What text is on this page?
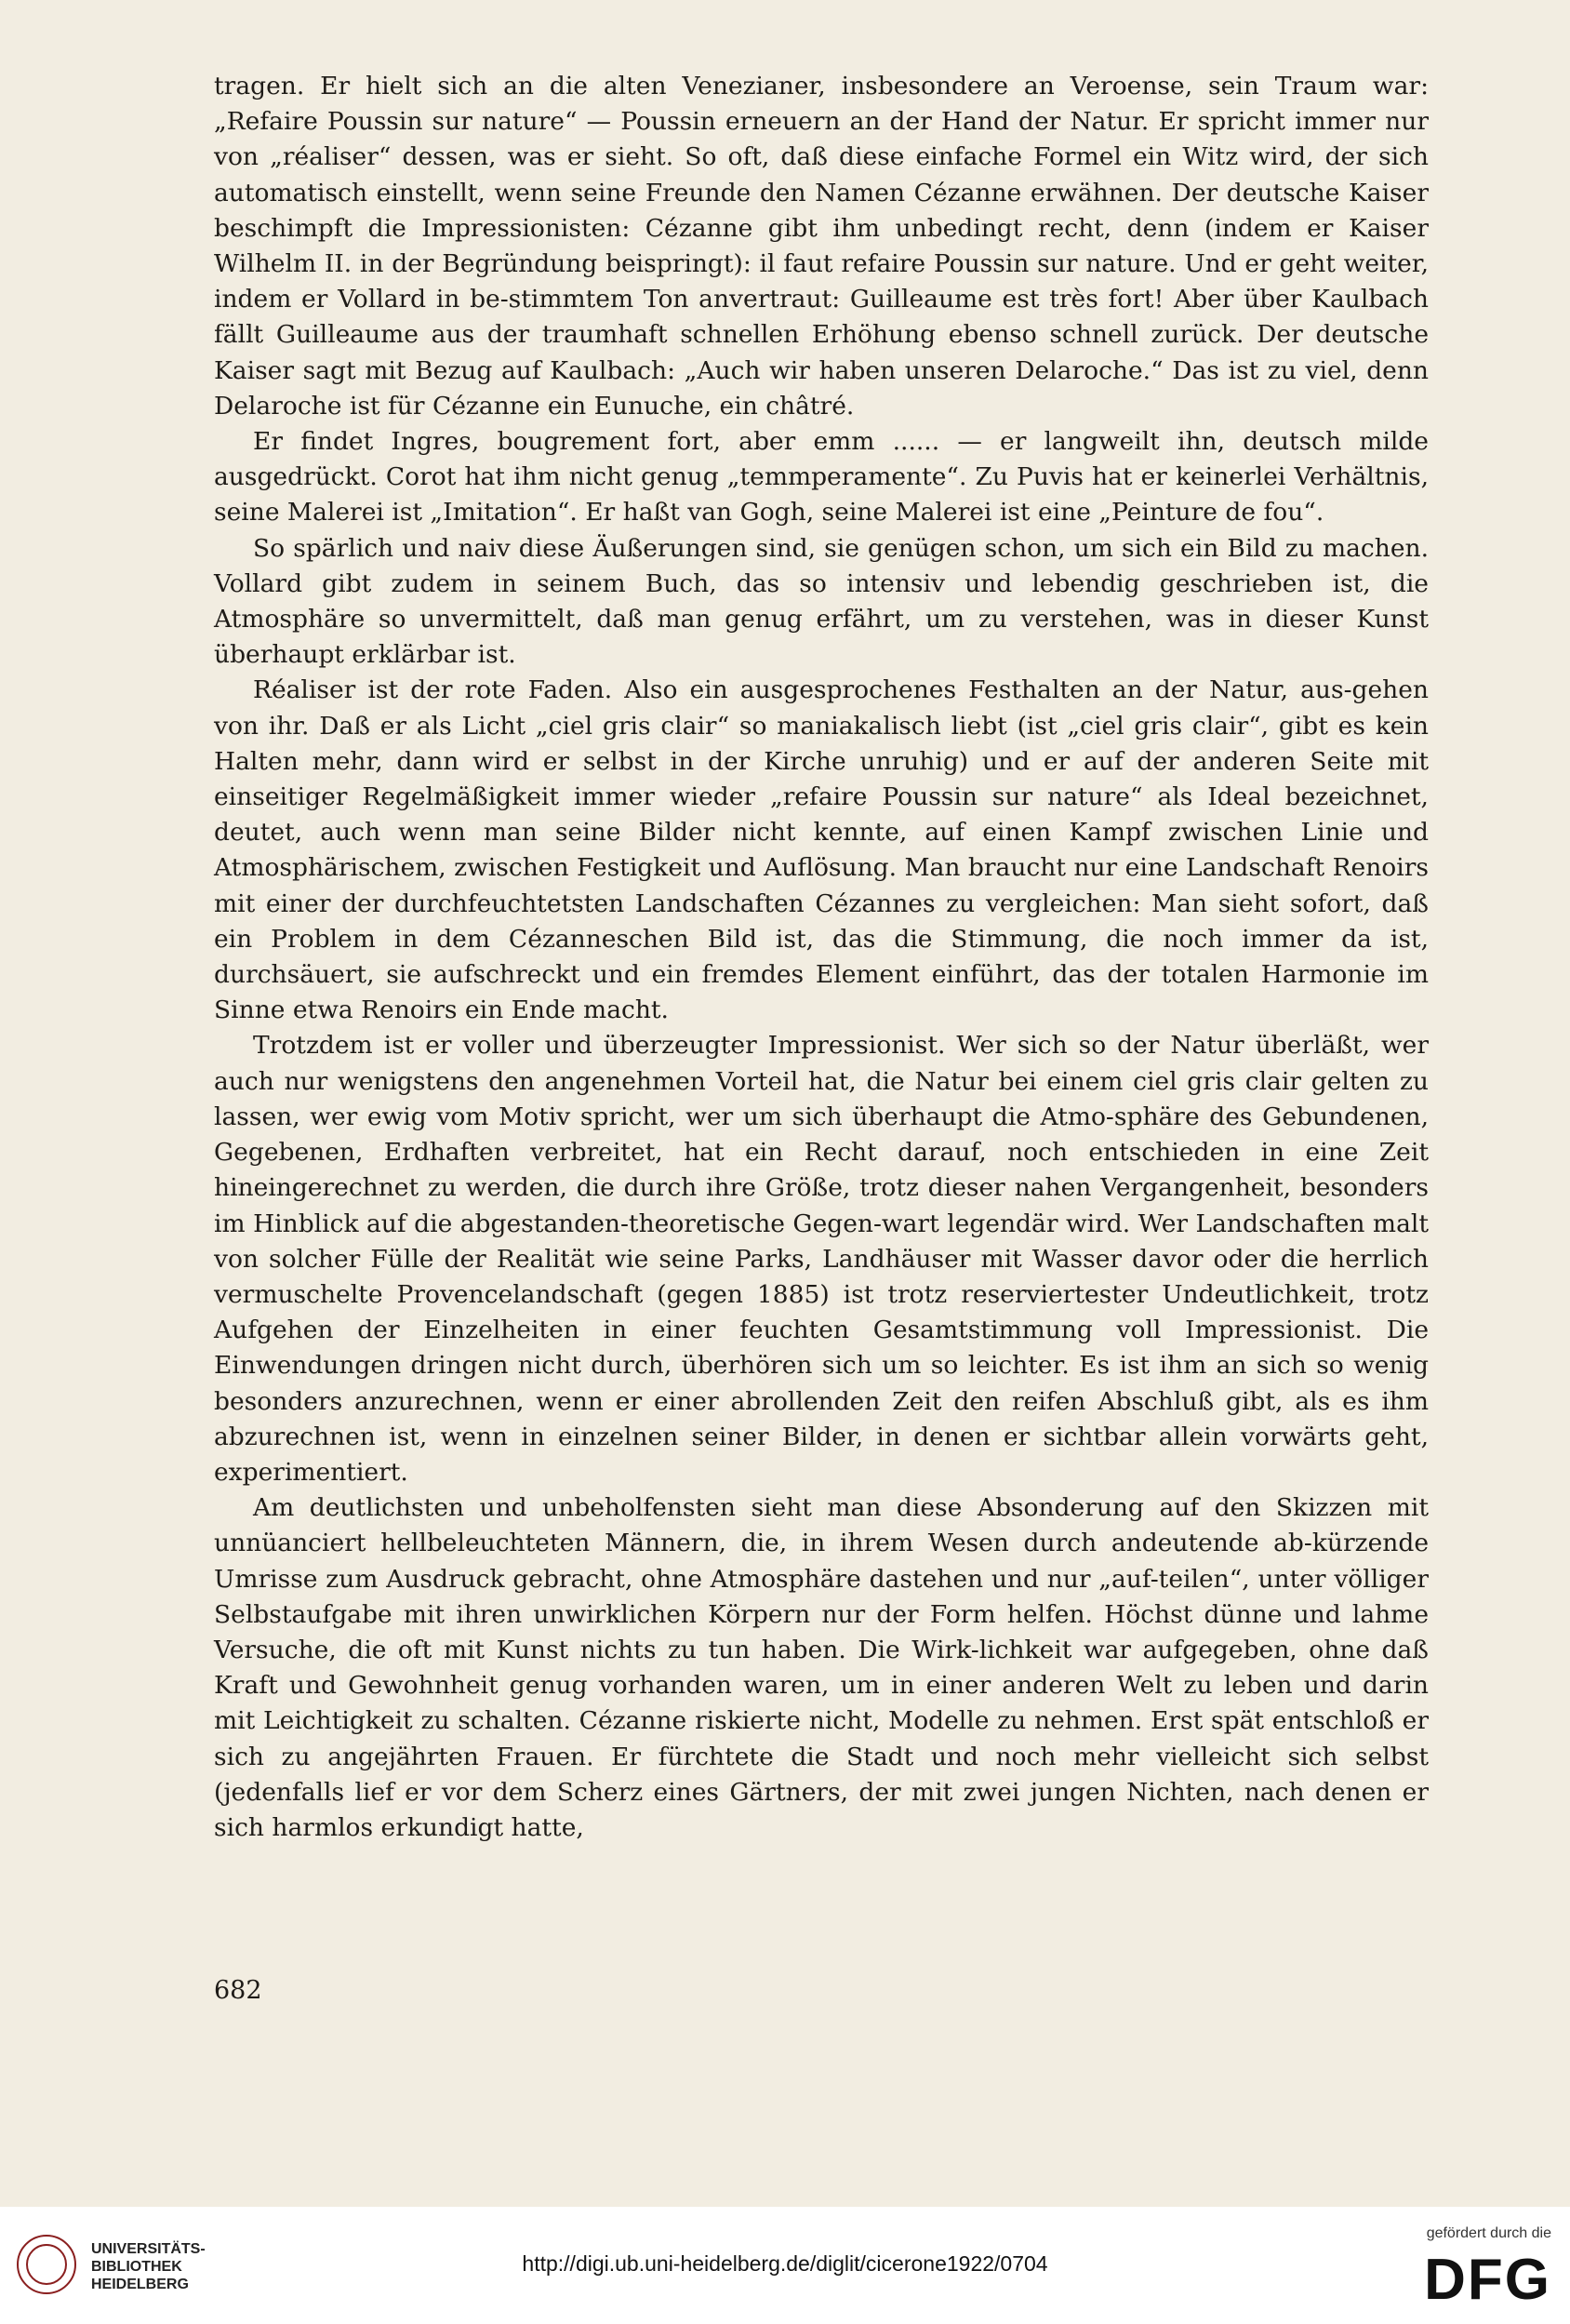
tragen. Er hielt sich an die alten Venezianer, insbesondere an Veroense, sein Traum war: „Refaire Poussin sur nature“ — Poussin erneuern an der Hand der Natur. Er spricht immer nur von „réaliser“ dessen, was er sieht. So oft, daß diese einfache Formel ein Witz wird, der sich automatisch einstellt, wenn seine Freunde den Namen Cézanne erwähnen. Der deutsche Kaiser beschimpft die Impressionisten: Cézanne gibt ihm unbedingt recht, denn (indem er Kaiser Wilhelm II. in der Begründung beispringt): il faut refaire Poussin sur nature. Und er geht weiter, indem er Vollard in be-stimmtem Ton anvertraut: Guilleaume est très fort! Aber über Kaulbach fällt Guilleaume aus der traumhaft schnellen Erhöhung ebenso schnell zurück. Der deutsche Kaiser sagt mit Bezug auf Kaulbach: „Auch wir haben unseren Delaroche.“ Das ist zu viel, denn Delaroche ist für Cézanne ein Eunuche, ein châtré.

Er findet Ingres, bougrement fort, aber emm ...... — er langweilt ihn, deutsch milde ausgedrückt. Corot hat ihm nicht genug „temmperamente“. Zu Puvis hat er keinerlei Verhältnis, seine Malerei ist „Imitation“. Er haßt van Gogh, seine Malerei ist eine „Peinture de fou“.

So spärlich und naiv diese Äußerungen sind, sie genügen schon, um sich ein Bild zu machen. Vollard gibt zudem in seinem Buch, das so intensiv und lebendig geschrieben ist, die Atmosphäre so unvermittelt, daß man genug erfährt, um zu verstehen, was in dieser Kunst überhaupt erklärbar ist.

Réaliser ist der rote Faden. Also ein ausgesprochenes Festhalten an der Natur, aus-gehen von ihr. Daß er als Licht „ciel gris clair“ so maniakalisch liebt (ist „ciel gris clair“, gibt es kein Halten mehr, dann wird er selbst in der Kirche unruhig) und er auf der anderen Seite mit einseitiger Regelmäßigkeit immer wieder „refaire Poussin sur nature“ als Ideal bezeichnet, deutet, auch wenn man seine Bilder nicht kennte, auf einen Kampf zwischen Linie und Atmosphärischem, zwischen Festigkeit und Auflösung. Man braucht nur eine Landschaft Renoirs mit einer der durchfeuchtetsten Landschaften Cézannes zu vergleichen: Man sieht sofort, daß ein Problem in dem Cézanneschen Bild ist, das die Stimmung, die noch immer da ist, durchsäuert, sie aufschreckt und ein fremdes Element einführt, das der totalen Harmonie im Sinne etwa Renoirs ein Ende macht.

Trotzdem ist er voller und überzeugter Impressionist. Wer sich so der Natur überläßt, wer auch nur wenigstens den angenehmen Vorteil hat, die Natur bei einem ciel gris clair gelten zu lassen, wer ewig vom Motiv spricht, wer um sich überhaupt die Atmo-sphäre des Gebundenen, Gegebenen, Erdhaften verbreitet, hat ein Recht darauf, noch entschieden in eine Zeit hineingerechnet zu werden, die durch ihre Größe, trotz dieser nahen Vergangenheit, besonders im Hinblick auf die abgestanden-theoretische Gegen-wart legendär wird. Wer Landschaften malt von solcher Fülle der Realität wie seine Parks, Landhäuser mit Wasser davor oder die herrlich vermuschelte Provencelandschaft (gegen 1885) ist trotz reserviertester Undeutlichkeit, trotz Aufgehen der Einzelheiten in einer feuchten Gesamtstimmung voll Impressionist. Die Einwendungen dringen nicht durch, überhören sich um so leichter. Es ist ihm an sich so wenig besonders anzurechnen, wenn er einer abrollenden Zeit den reifen Abschluß gibt, als es ihm abzurechnen ist, wenn in einzelnen seiner Bilder, in denen er sichtbar allein vorwärts geht, experimentiert.

Am deutlichsten und unbeholfensten sieht man diese Absonderung auf den Skizzen mit unnüanciert hellbeleuchteten Männern, die, in ihrem Wesen durch andeutende ab-kürzende Umrisse zum Ausdruck gebracht, ohne Atmosphäre dastehen und nur „auf-teilen“, unter völliger Selbstaufgabe mit ihren unwirklichen Körpern nur der Form helfen. Höchst dünne und lahme Versuche, die oft mit Kunst nichts zu tun haben. Die Wirk-lichkeit war aufgegeben, ohne daß Kraft und Gewohnheit genug vorhanden waren, um in einer anderen Welt zu leben und darin mit Leichtigkeit zu schalten. Cézanne riskierte nicht, Modelle zu nehmen. Erst spät entschloß er sich zu angejährten Frauen. Er fürchtete die Stadt und noch mehr vielleicht sich selbst (jedenfalls lief er vor dem Scherz eines Gärtners, der mit zwei jungen Nichten, nach denen er sich harmlos erkundigt hatte,

682
UNIVERSITÄTS-
BIBLIOTHEK
HEIDELBERG
http://digi.ub.uni-heidelberg.de/diglit/cicerone1922/0704
gefördert durch die
DFG
